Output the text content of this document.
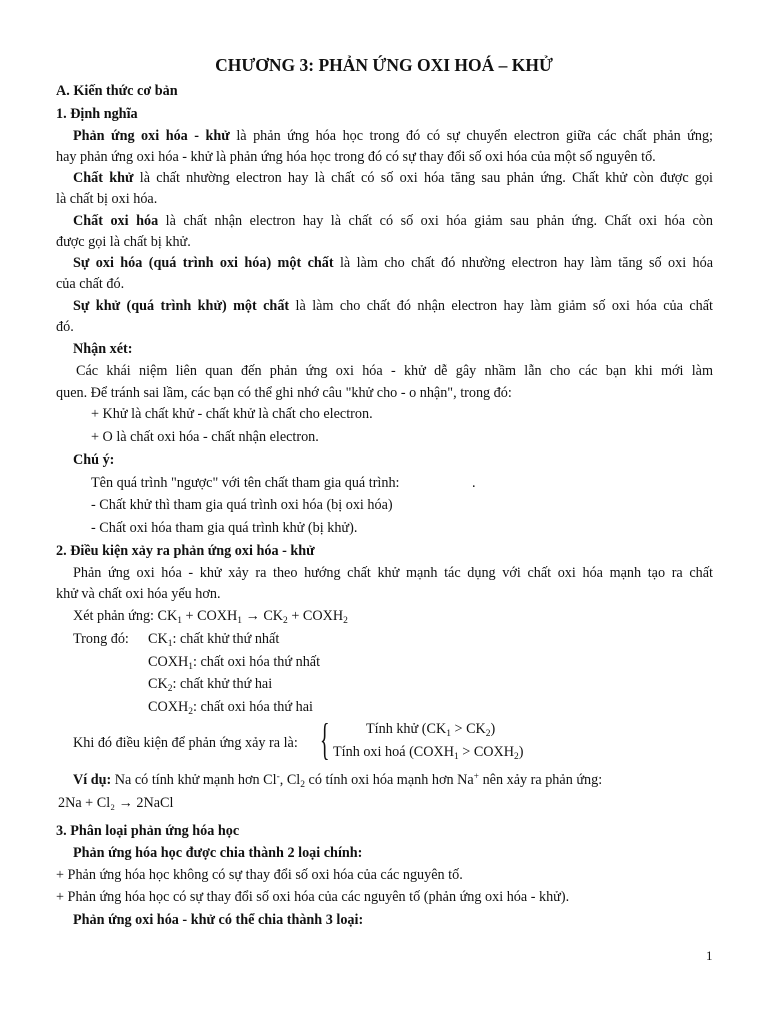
CHƯƠNG 3: PHẢN ỨNG OXI HOÁ – KHỬ
A. Kiến thức cơ bản
1. Định nghĩa
Phản ứng oxi hóa - khử là phản ứng hóa học trong đó có sự chuyển electron giữa các chất phản ứng;
hay phản ứng oxi hóa - khử là phản ứng hóa học trong đó có sự thay đổi số oxi hóa của một số nguyên tố.
Chất khử là chất nhường electron hay là chất có số oxi hóa tăng sau phản ứng. Chất khử còn được gọi
là chất bị oxi hóa.
Chất oxi hóa là chất nhận electron hay là chất có số oxi hóa giảm sau phản ứng. Chất oxi hóa còn
được gọi là chất bị khử.
Sự oxi hóa (quá trình oxi hóa) một chất là làm cho chất đó nhường electron hay làm tăng số oxi hóa
của chất đó.
Sự khử (quá trình khử) một chất là làm cho chất đó nhận electron hay làm giảm số oxi hóa của chất
đó.
Nhận xét:
Các khái niệm liên quan đến phản ứng oxi hóa - khử dễ gây nhầm lẫn cho các bạn khi mới làm
quen. Để tránh sai lầm, các bạn có thể ghi nhớ câu "khử cho - o nhận", trong đó:
+ Khử là chất khử - chất khử là chất cho electron.
+ O là chất oxi hóa - chất nhận electron.
Chú ý:
Tên quá trình "ngược" với tên chất tham gia quá trình:	.
- Chất khử thì tham gia quá trình oxi hóa (bị oxi hóa)
- Chất oxi hóa tham gia quá trình khử (bị khử).
2. Điều kiện xảy ra phản ứng oxi hóa - khử
Phản ứng oxi hóa - khử xảy ra theo hướng chất khử mạnh tác dụng với chất oxi hóa mạnh tạo ra chất
khử và chất oxi hóa yếu hơn.
Xét phản ứng: $CK_1$ + $COXH_1 \to CK_2$ + $COXH_2$
Trong đó: $CK_1$: chất khử thứ nhất
$COXH_1$: chất oxi hóa thứ nhất
$CK_2$: chất khử thứ hai
$COXH_2$: chất oxi hóa thứ hai
Khi đó điều kiện để phản ứng xảy ra là: {	Tính khử $(CK_1 > CK_2)$
Tính oxi hoá ($COXH_1$ > $COXH_2$)
Ví dụ: Na có tính khử mạnh hơn Cl-, $Cl_2$ có tính oxi hóa mạnh hơn Na+ nên xảy ra phản ứng:
2Na + Cl₂ → 2NaCl
3. Phân loại phản ứng hóa học
Phản ứng hóa học được chia thành 2 loại chính:
+ Phản ứng hóa học không có sự thay đổi số oxi hóa của các nguyên tố.
+ Phản ứng hóa học có sự thay đổi số oxi hóa của các nguyên tố (phản ứng oxi hóa - khử).
Phản ứng oxi hóa - khử có thể chia thành 3 loại:
1
